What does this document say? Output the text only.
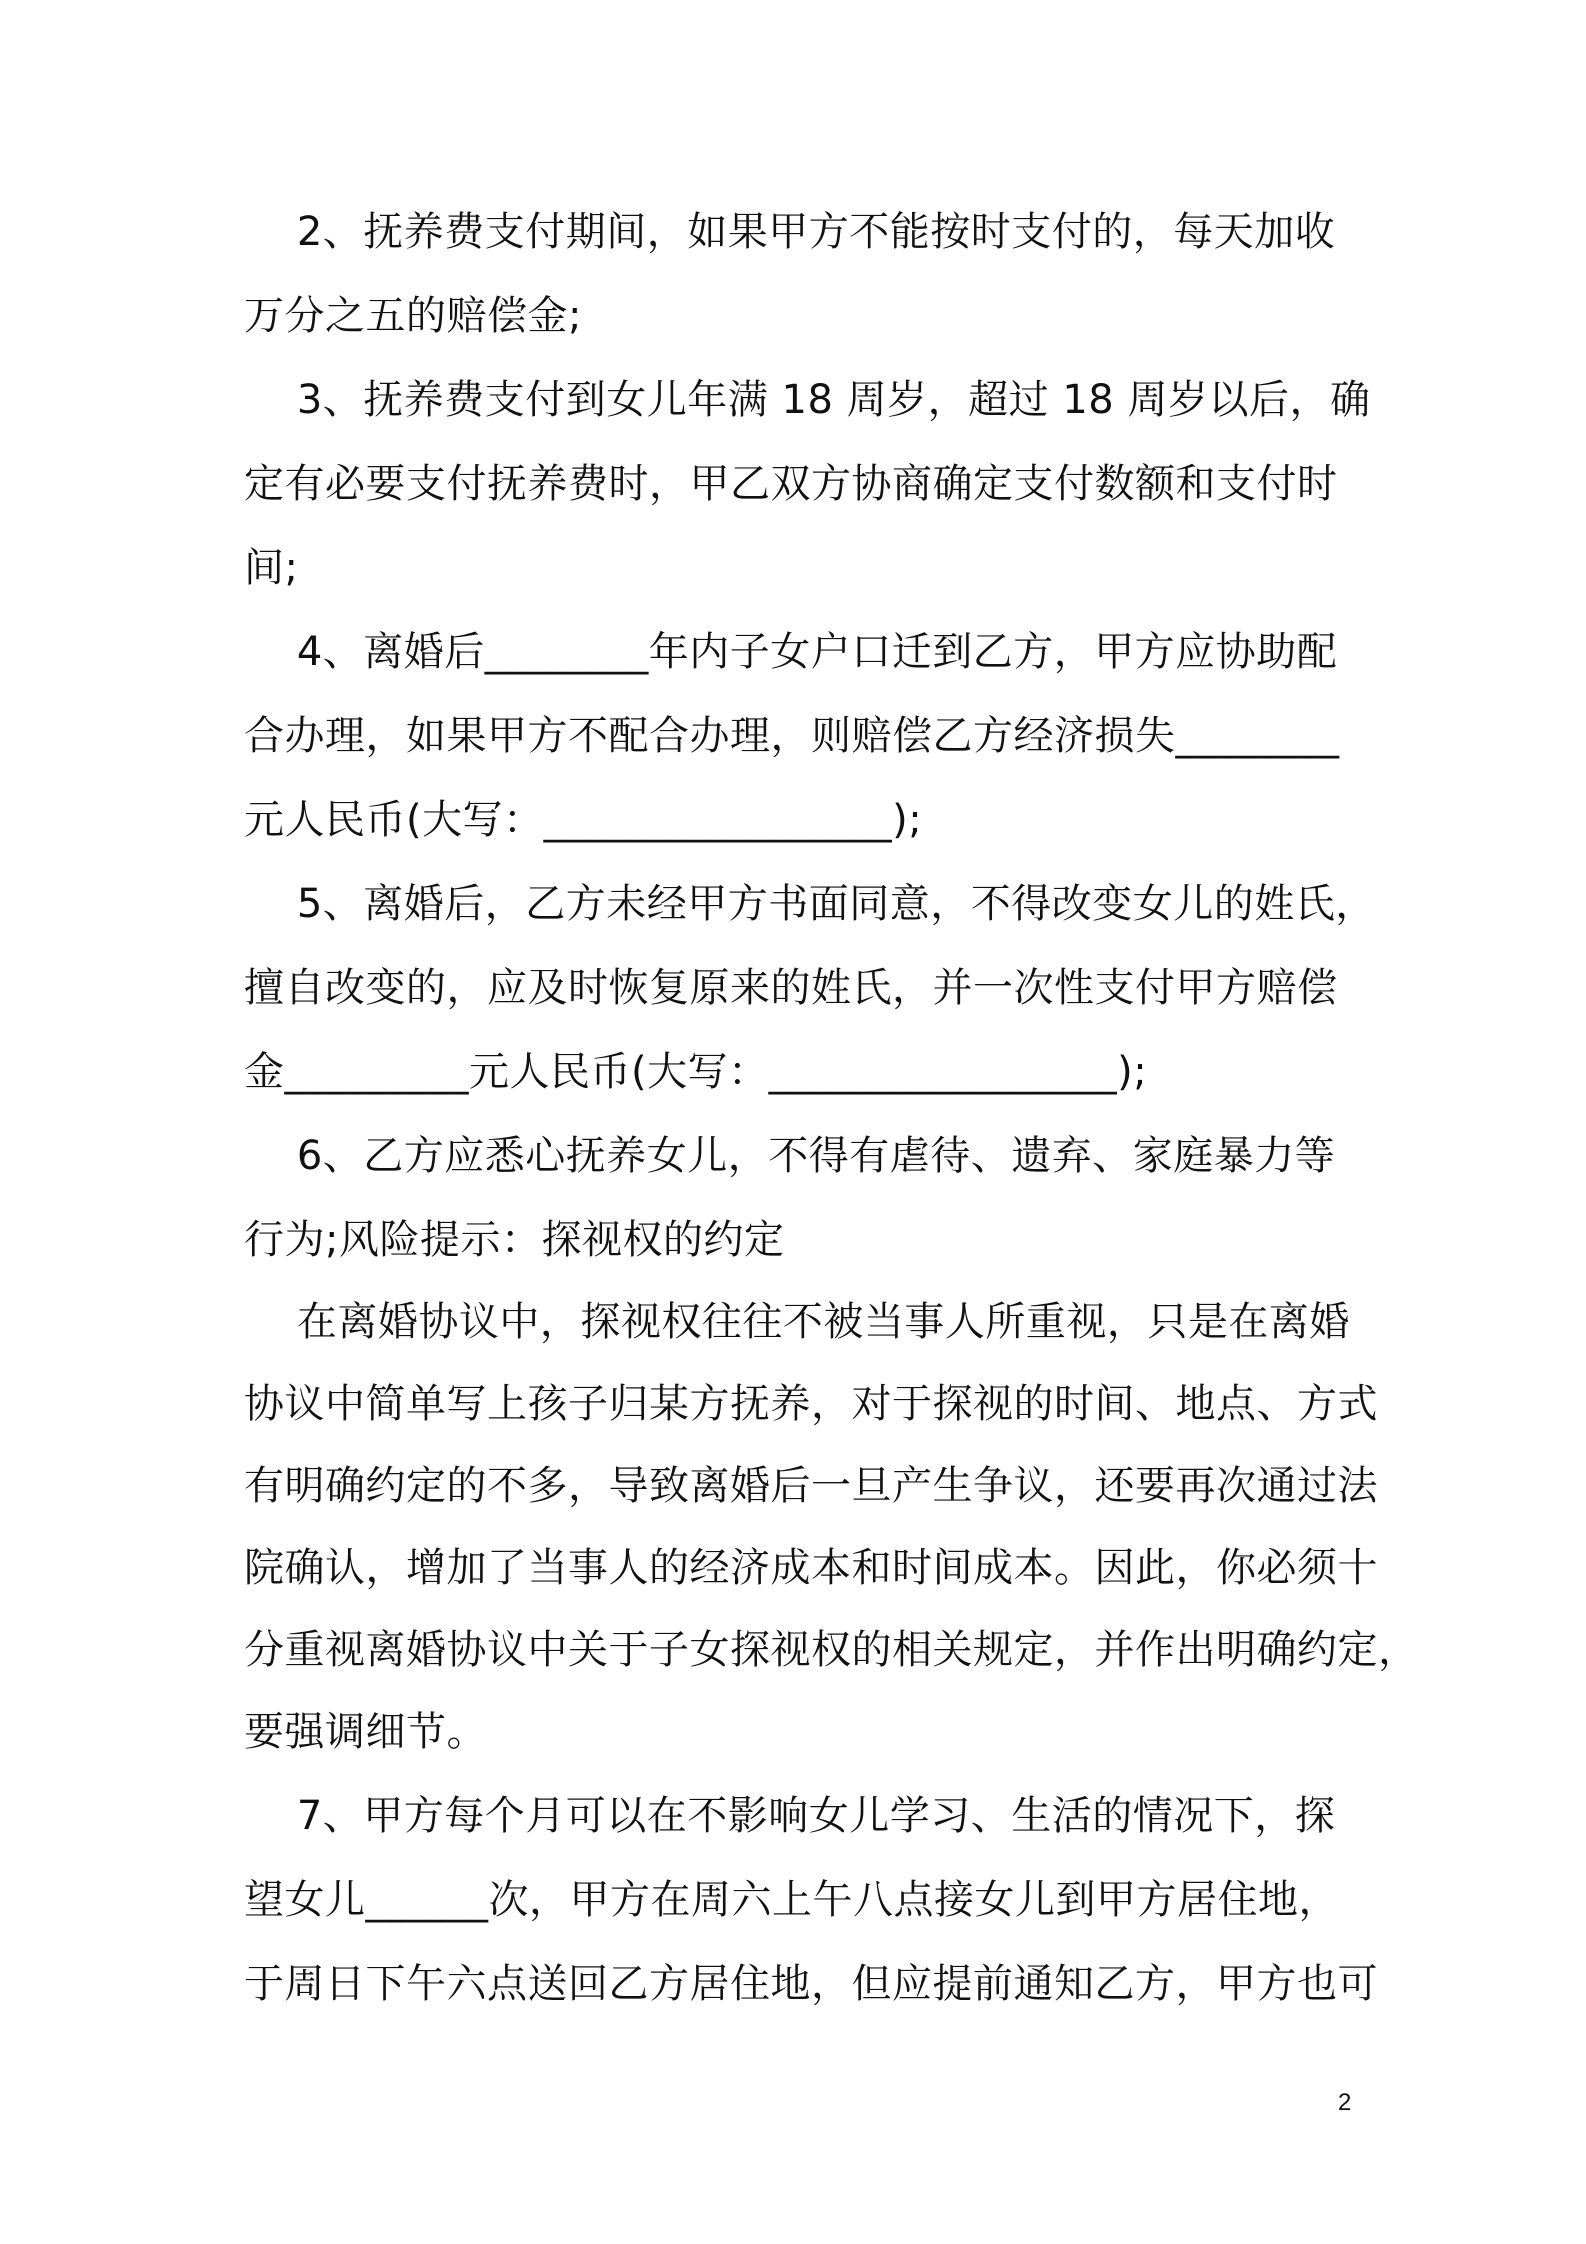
2、抚养费支付期间，如果甲方不能按时支付的，每天加收
万分之五的赔偿金;
3、抚养费支付到女儿年满 18 周岁，超过 18 周岁以后，确
定有必要支付抚养费时，甲乙双方协商确定支付数额和支付时
间;
4、离婚后________年内子女户口迁到乙方，甲方应协助配
合办理，如果甲方不配合办理，则赔偿乙方经济损失________
元人民币(大写：_________________);
5、离婚后，乙方未经甲方书面同意，不得改变女儿的姓氏，
擅自改变的，应及时恢复原来的姓氏，并一次性支付甲方赔偿
金_________元人民币(大写：_________________);
6、乙方应悉心抚养女儿，不得有虐待、遗弃、家庭暴力等
行为;风险提示：探视权的约定
在离婚协议中，探视权往往不被当事人所重视，只是在离婚
协议中简单写上孩子归某方抚养，对于探视的时间、地点、方式
有明确约定的不多，导致离婚后一旦产生争议，还要再次通过法
院确认，增加了当事人的经济成本和时间成本。因此，你必须十
分重视离婚协议中关于子女探视权的相关规定，并作出明确约定，
要强调细节。
7、甲方每个月可以在不影响女儿学习、生活的情况下，探
望女儿______次，甲方在周六上午八点接女儿到甲方居住地，
于周日下午六点送回乙方居住地，但应提前通知乙方，甲方也可
2
